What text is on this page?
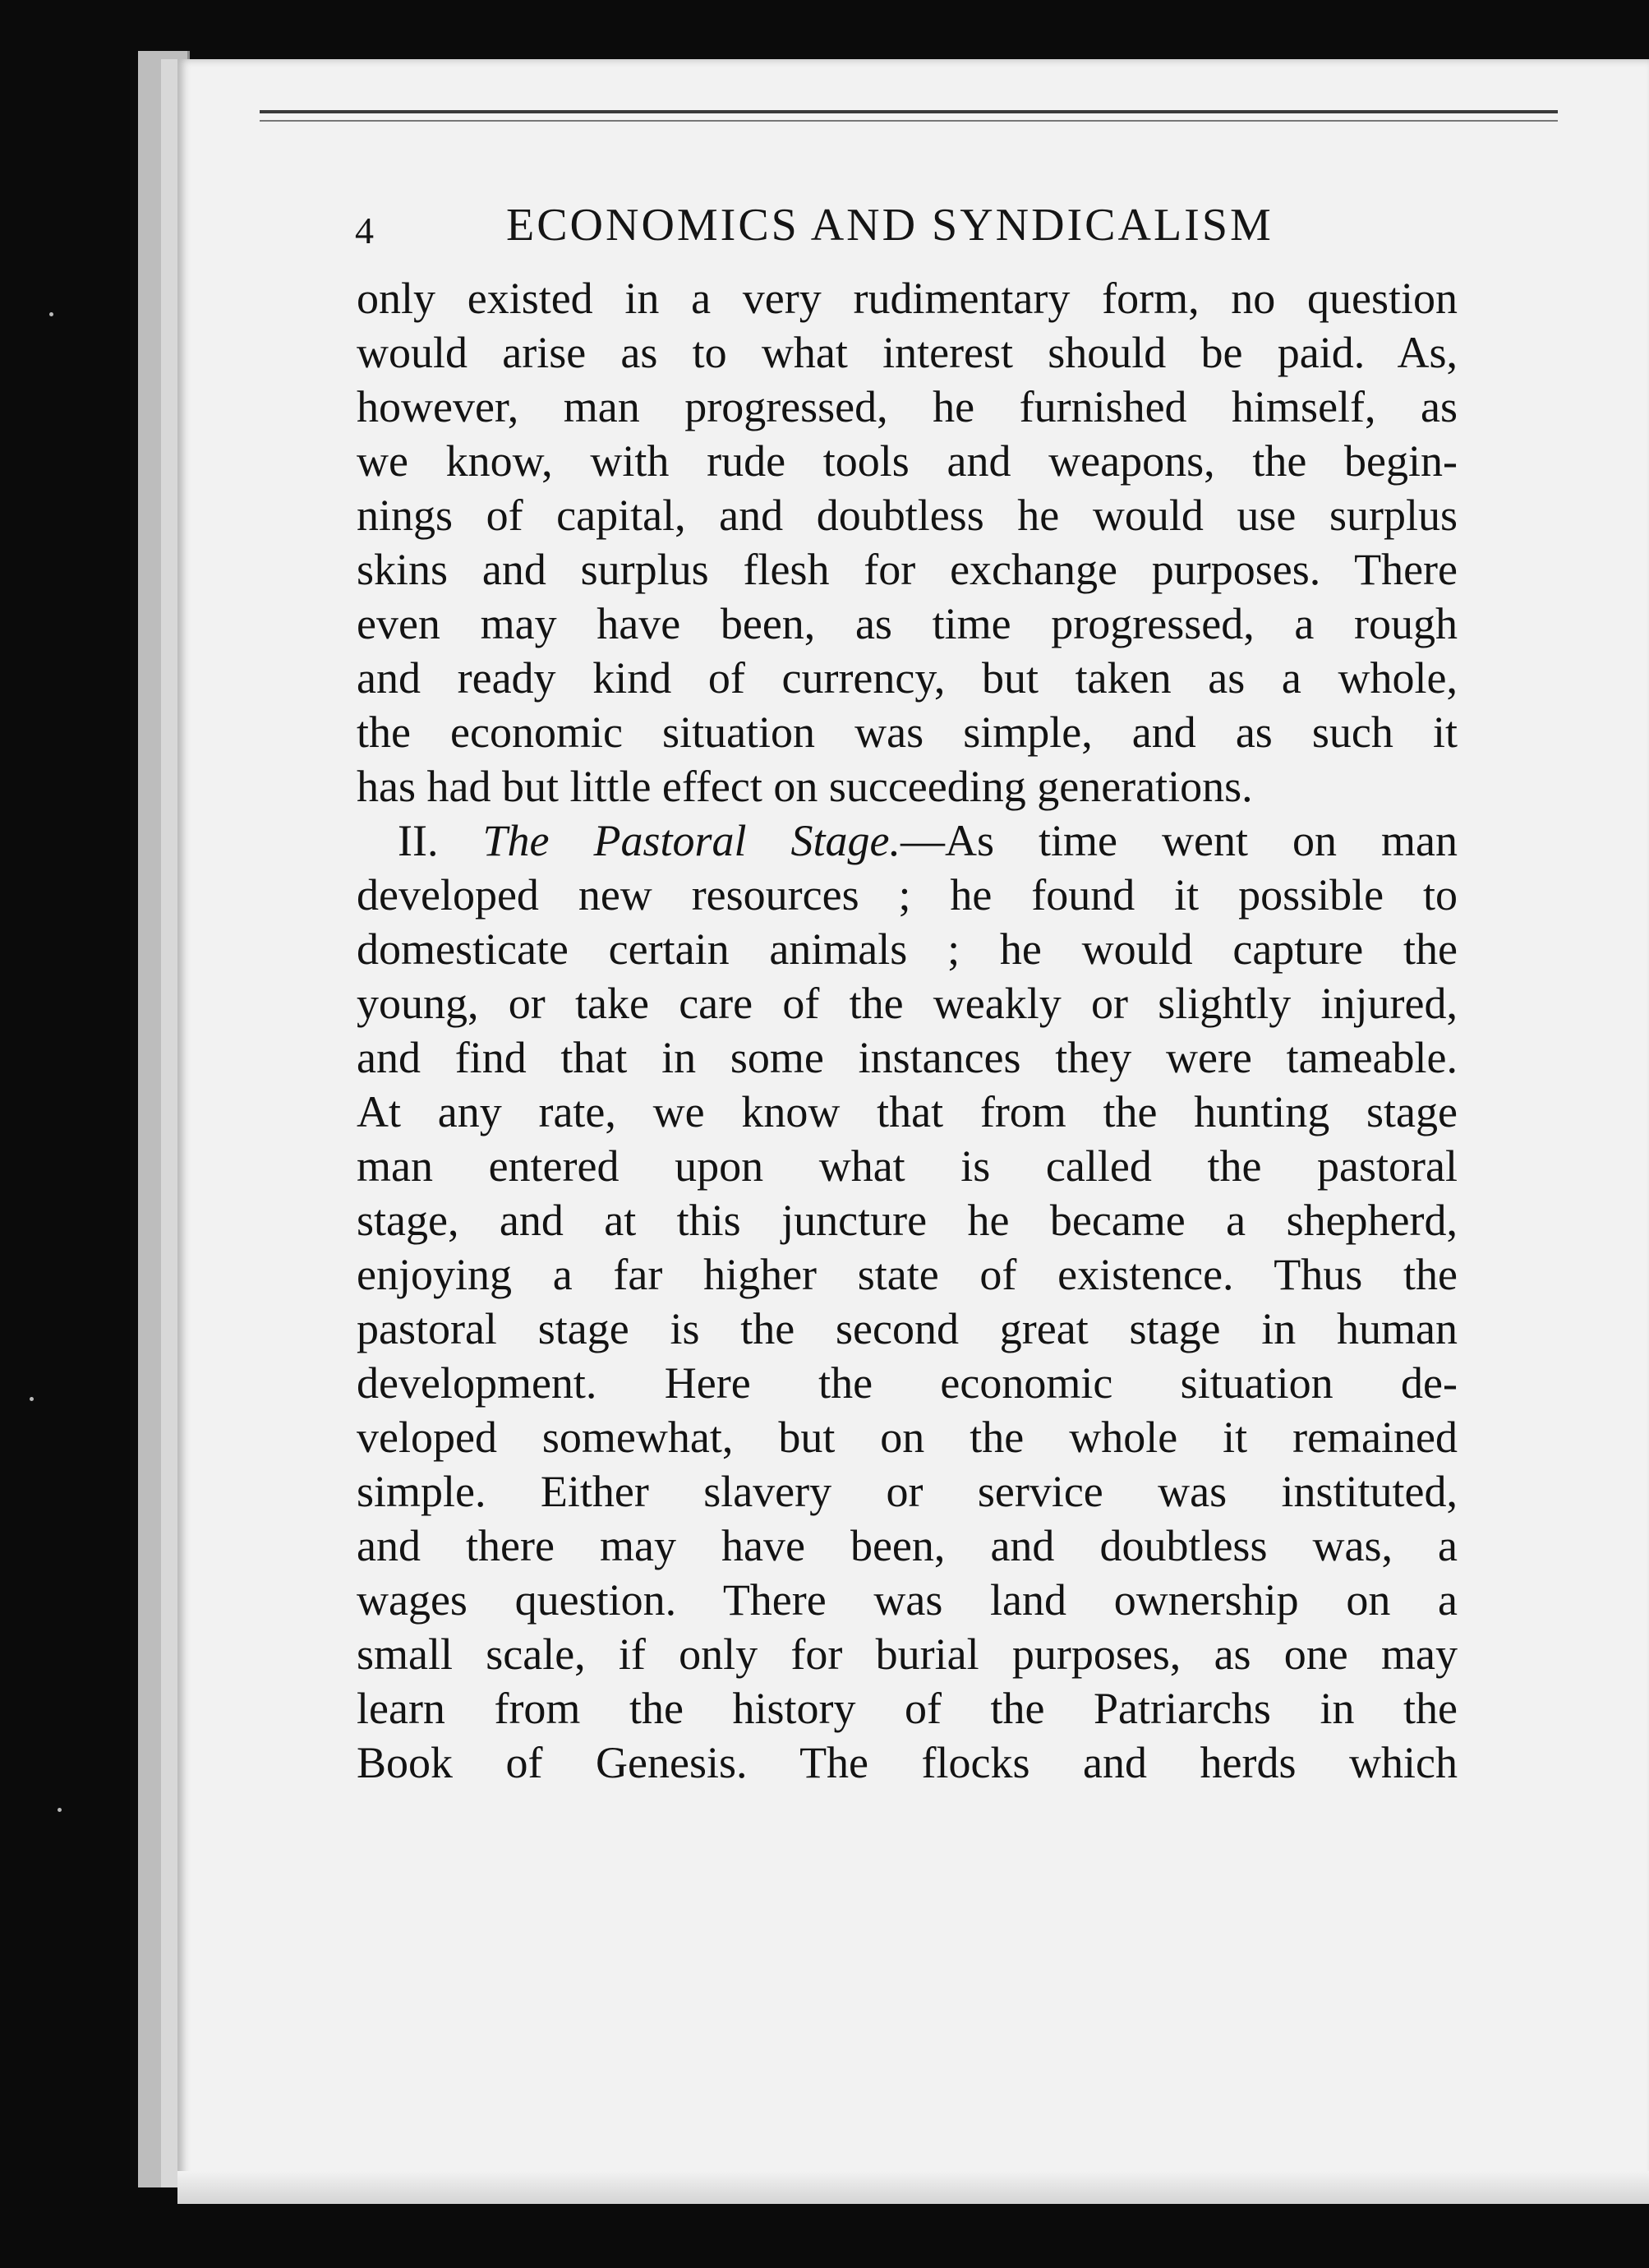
4	ECONOMICS AND SYNDICALISM
only existed in a very rudimentary form, no question
would arise as to what interest should be paid. As,
however, man progressed, he furnished himself, as
we know, with rude tools and weapons, the begin-
nings of capital, and doubtless he would use surplus
skins and surplus flesh for exchange purposes. There
even may have been, as time progressed, a rough
and ready kind of currency, but taken as a whole,
the economic situation was simple, and as such it
has had but little effect on succeeding generations.
II. The Pastoral Stage.—As time went on man
developed new resources ; he found it possible to
domesticate certain animals ; he would capture the
young, or take care of the weakly or slightly injured,
and find that in some instances they were tameable.
At any rate, we know that from the hunting stage
man entered upon what is called the pastoral
stage, and at this juncture he became a shepherd,
enjoying a far higher state of existence. Thus the
pastoral stage is the second great stage in human
development. Here the economic situation de-
veloped somewhat, but on the whole it remained
simple. Either slavery or service was instituted,
and there may have been, and doubtless was, a
wages question. There was land ownership on a
small scale, if only for burial purposes, as one may
learn from the history of the Patriarchs in the
Book of Genesis. The flocks and herds which
